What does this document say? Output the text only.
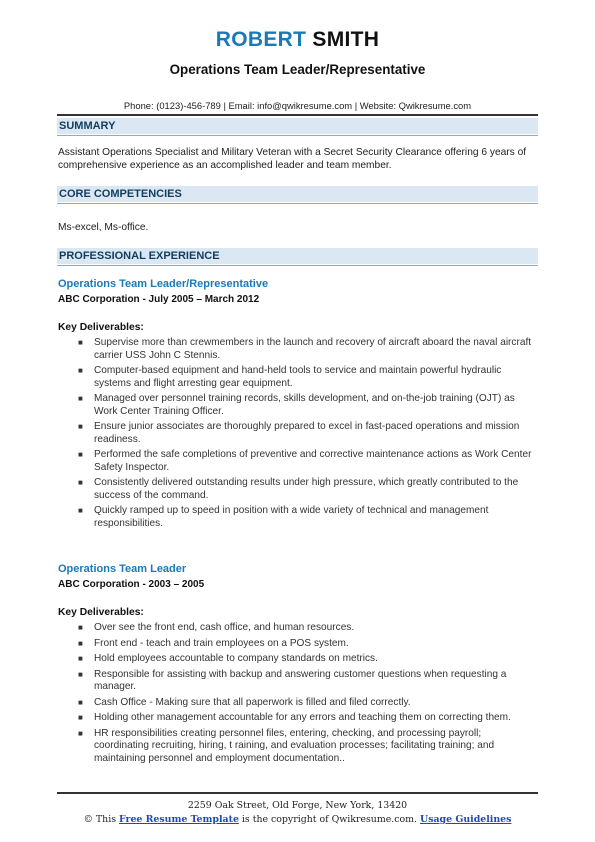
ROBERT SMITH
Operations Team Leader/Representative
Phone: (0123)-456-789 | Email: info@qwikresume.com | Website: Qwikresume.com
SUMMARY
Assistant Operations Specialist and Military Veteran with a Secret Security Clearance offering 6 years of comprehensive experience as an accomplished leader and team member.
CORE COMPETENCIES
Ms-excel, Ms-office.
PROFESSIONAL EXPERIENCE
Operations Team Leader/Representative
ABC Corporation - July 2005 – March 2012
Key Deliverables:
■ Supervise more than crewmembers in the launch and recovery of aircraft aboard the naval aircraft carrier USS John C Stennis.
■ Computer-based equipment and hand-held tools to service and maintain powerful hydraulic systems and flight arresting gear equipment.
■ Managed over personnel training records, skills development, and on-the-job training (OJT) as Work Center Training Officer.
■ Ensure junior associates are thoroughly prepared to excel in fast-paced operations and mission readiness.
■ Performed the safe completions of preventive and corrective maintenance actions as Work Center Safety Inspector.
■ Consistently delivered outstanding results under high pressure, which greatly contributed to the success of the command.
■ Quickly ramped up to speed in position with a wide variety of technical and management responsibilities.
Operations Team Leader
ABC Corporation - 2003 – 2005
Key Deliverables:
■ Over see the front end, cash office, and human resources.
■ Front end - teach and train employees on a POS system.
■ Hold employees accountable to company standards on metrics.
■ Responsible for assisting with backup and answering customer questions when requesting a manager.
■ Cash Office - Making sure that all paperwork is filled and filed correctly.
■ Holding other management accountable for any errors and teaching them on correcting them.
■ HR responsibilities creating personnel files, entering, checking, and processing payroll; coordinating recruiting, hiring, t raining, and evaluation processes; facilitating training; and maintaining personnel and employment documentation..
2259 Oak Street, Old Forge, New York, 13420
© This Free Resume Template is the copyright of Qwikresume.com. Usage Guidelines
